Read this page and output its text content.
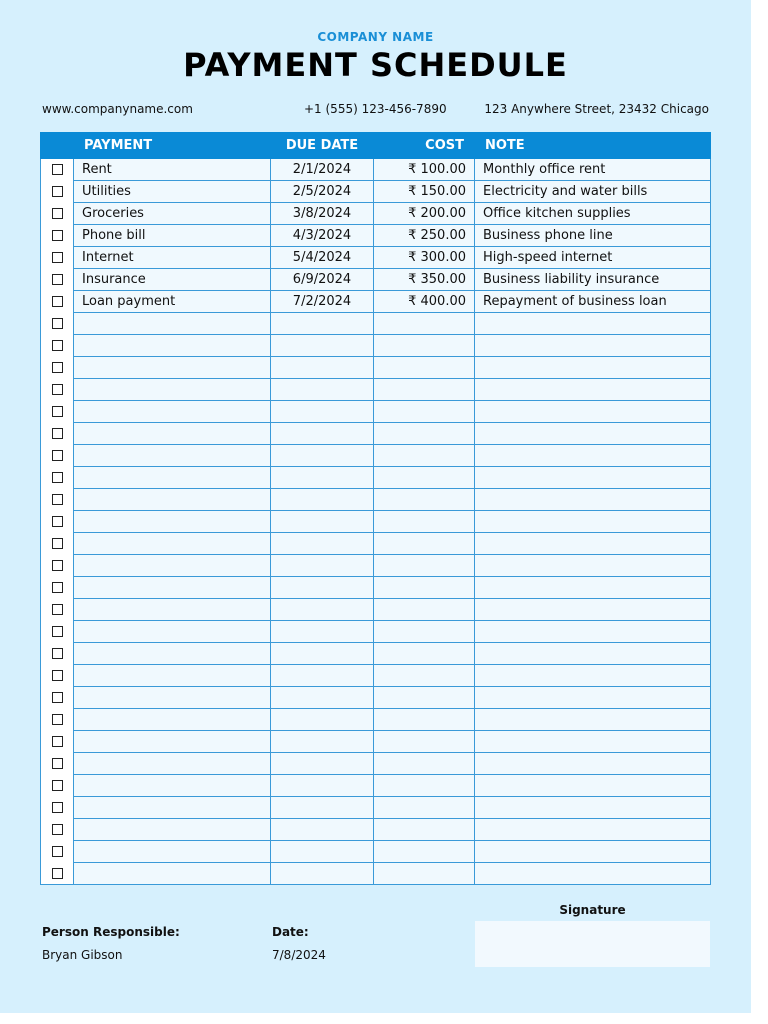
COMPANY NAME
PAYMENT SCHEDULE
www.companyname.com	+1 (555) 123-456-7890	123 Anywhere Street, 23432 Chicago
	PAYMENT	DUE DATE	COST	NOTE
	Rent	2/1/2024	₹ 100.00	Monthly office rent
	Utilities	2/5/2024	₹ 150.00	Electricity and water bills
	Groceries	3/8/2024	₹ 200.00	Office kitchen supplies
	Phone bill	4/3/2024	₹ 250.00	Business phone line
	Internet	5/4/2024	₹ 300.00	High-speed internet
	Insurance	6/9/2024	₹ 350.00	Business liability insurance
	Loan payment	7/2/2024	₹ 400.00	Repayment of business loan

Person Responsible:
Bryan Gibson
Date:
7/8/2024
Signature
